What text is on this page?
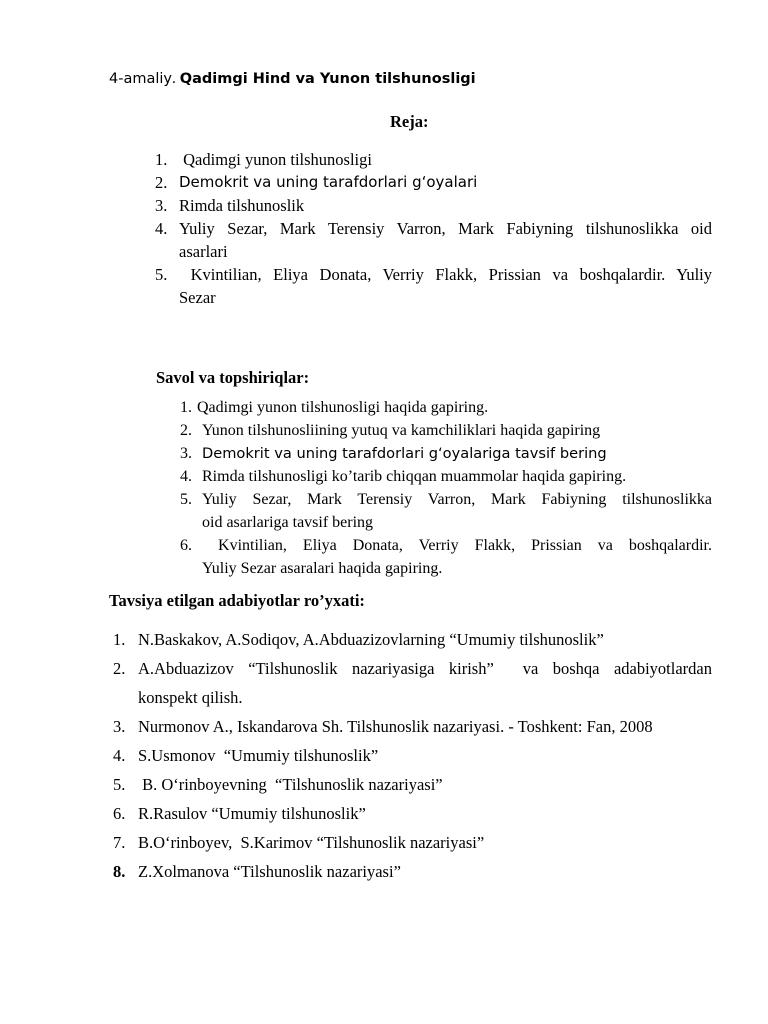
4-amaliy. Qadimgi Hind va Yunon tilshunosligi
Reja:
1. Qadimgi yunon tilshunosligi
2. Demokrit va uning tarafdorlari g‘oyalari
3. Rimda tilshunoslik
4. Yuliy Sezar, Mark Terensiy Varron, Mark Fabiyning tilshunoslikka oid
asarlari
5. Kvintilian, Eliya Donata, Verriy Flakk, Prissian va boshqalardir. Yuliy
Sezar
Savol va topshiriqlar:
1. Qadimgi yunon tilshunosligi haqida gapiring.
2. Yunon tilshunosliining yutuq va kamchiliklari haqida gapiring
3. Demokrit va uning tarafdorlari g‘oyalariga tavsif bering
4. Rimda tilshunosligi ko’tarib chiqqan muammolar haqida gapiring.
5. Yuliy Sezar, Mark Terensiy Varron, Mark Fabiyning tilshunoslikka
oid asarlariga tavsif bering
6. Kvintilian, Eliya Donata, Verriy Flakk, Prissian va boshqalardir.
Yuliy Sezar asaralari haqida gapiring.
Tavsiya etilgan adabiyotlar ro’yxati:
1. N.Baskakov, A.Sodiqov, A.Abduazizovlarning “Umumiy tilshunoslik”
2. A.Abduazizov “Tilshunoslik nazariyasiga kirish”  va boshqa adabiyotlardan
konspekt qilish.
3. Nurmonov A., Iskandarova Sh. Tilshunoslik nazariyasi. - Toshkent: Fan, 2008
4. S.Usmonov  “Umumiy tilshunoslik”
5. B. O‘rinboyevning  “Tilshunoslik nazariyasi”
6. R.Rasulov “Umumiy tilshunoslik”
7. B.O‘rinboyev,  S.Karimov “Tilshunoslik nazariyasi”
8. Z.Xolmanova “Tilshunoslik nazariyasi”
